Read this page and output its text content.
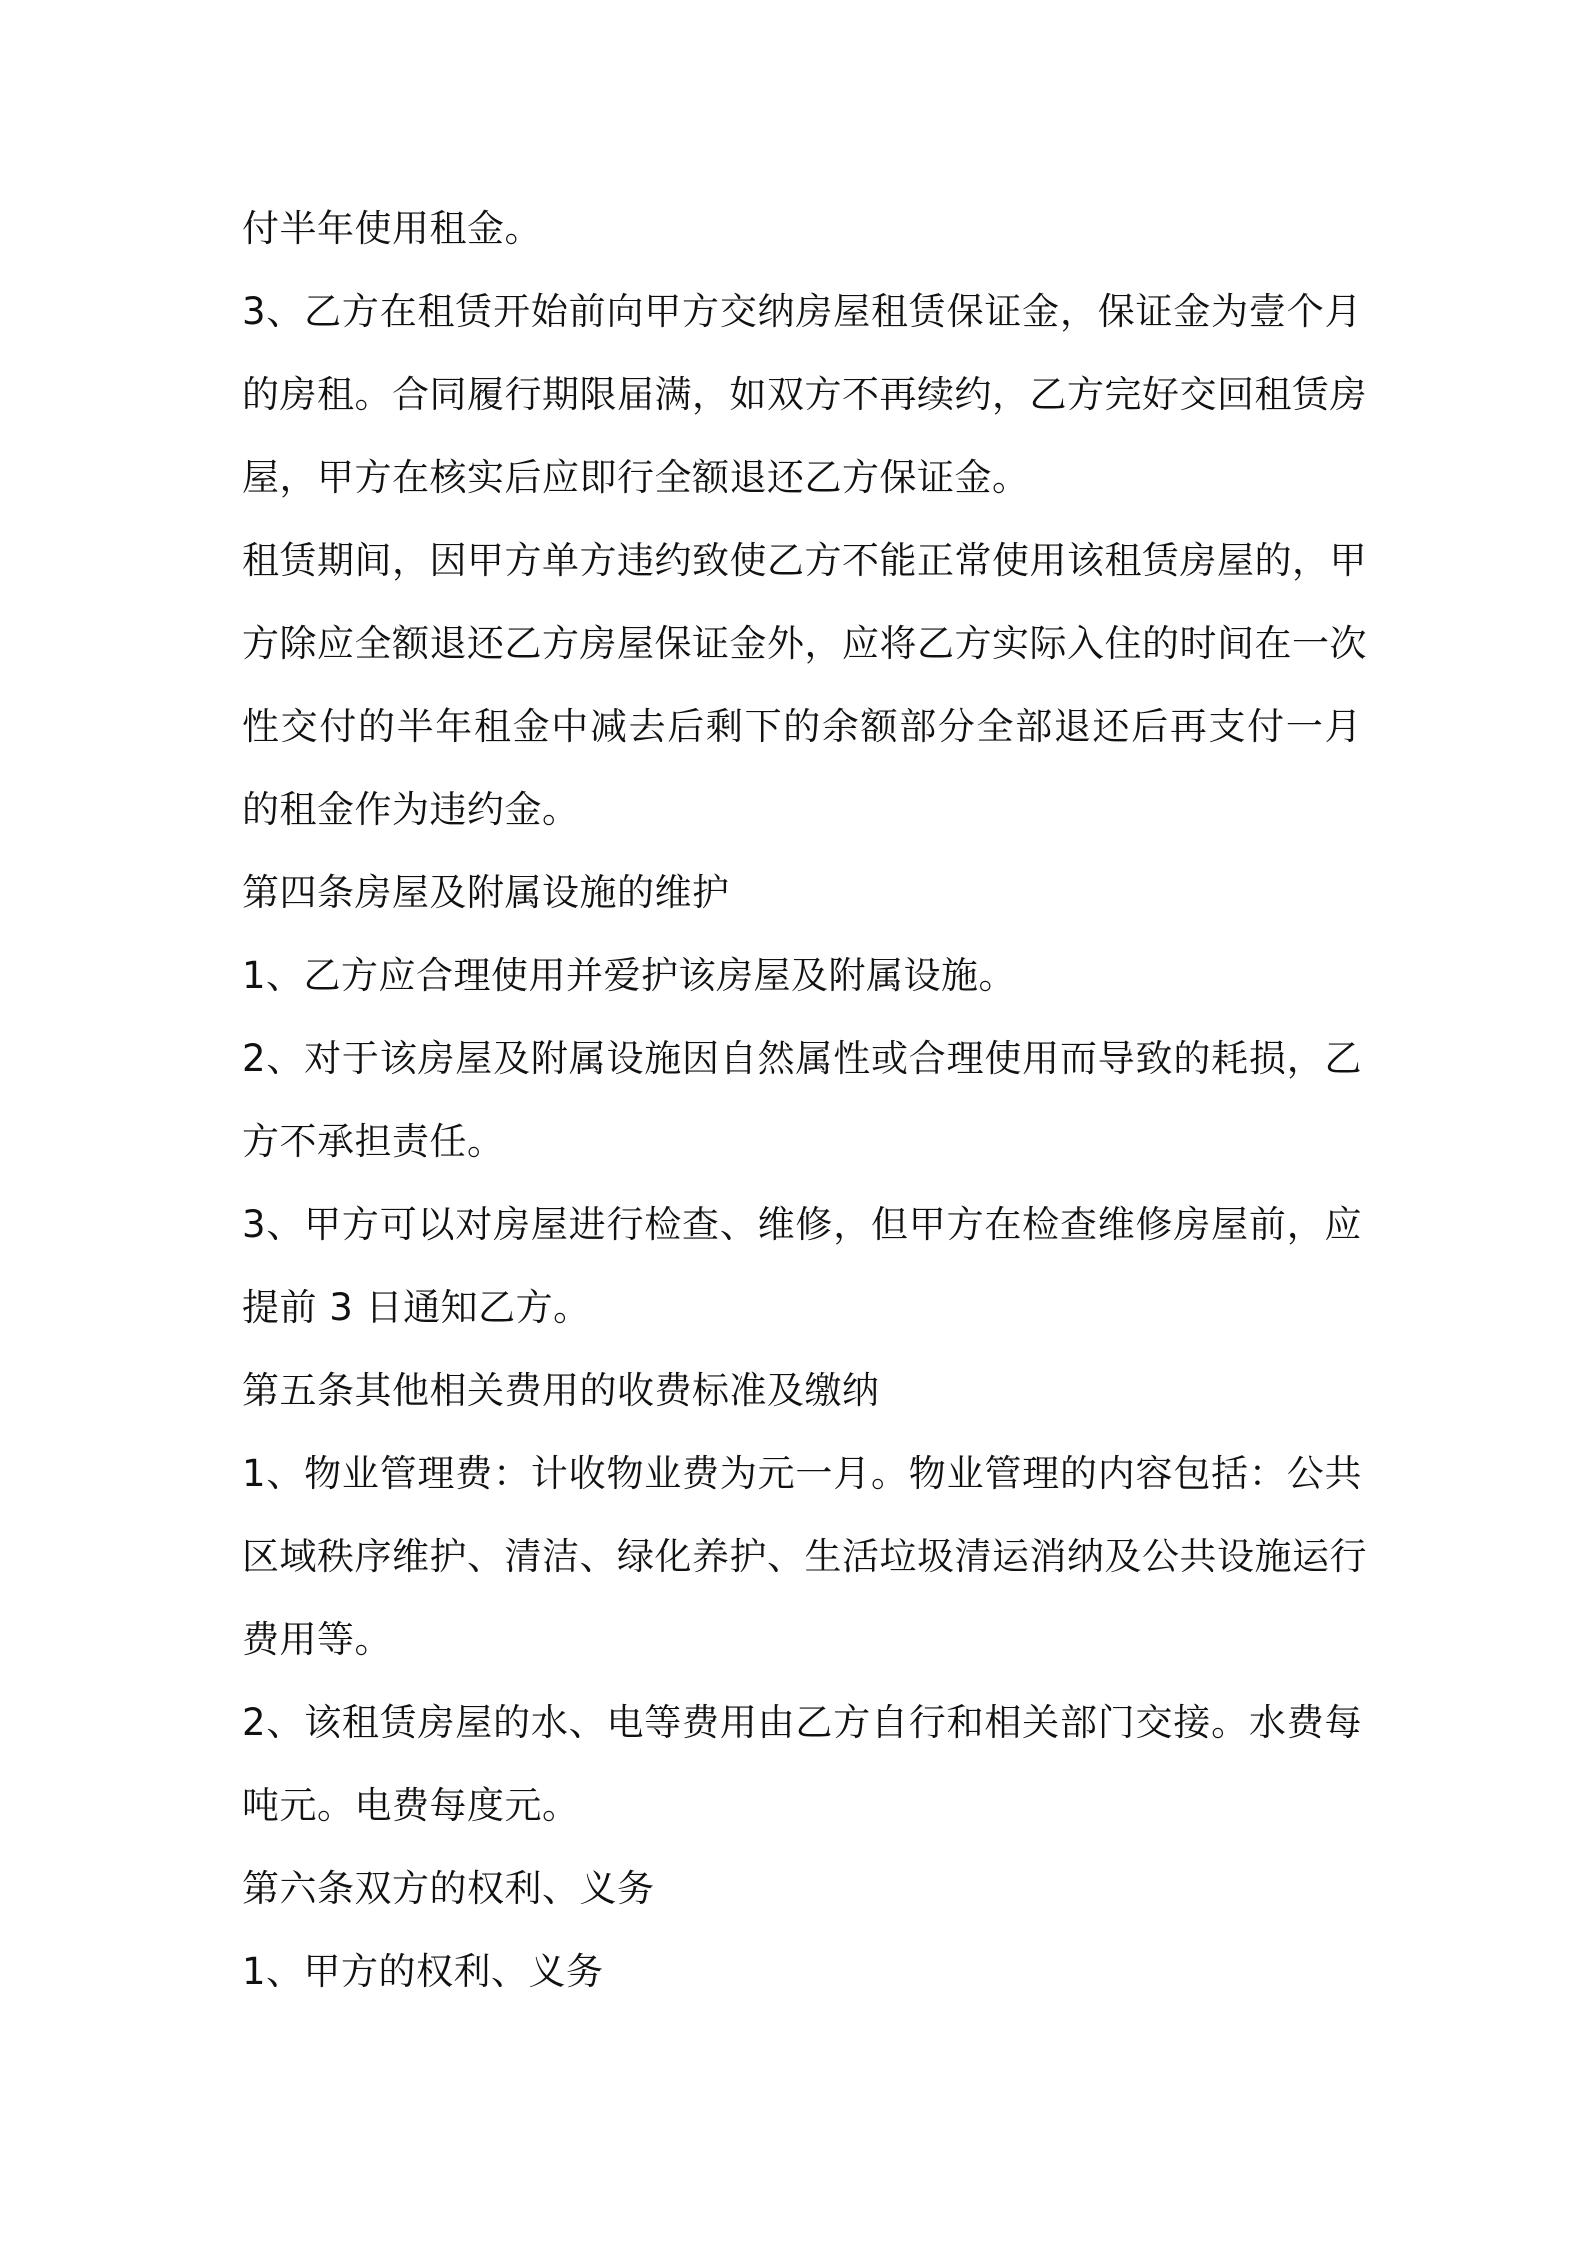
付半年使用租金。
3、乙方在租赁开始前向甲方交纳房屋租赁保证金，保证金为壹个月
的房租。合同履行期限届满，如双方不再续约，乙方完好交回租赁房
屋，甲方在核实后应即行全额退还乙方保证金。
租赁期间，因甲方单方违约致使乙方不能正常使用该租赁房屋的，甲
方除应全额退还乙方房屋保证金外，应将乙方实际入住的时间在一次
性交付的半年租金中减去后剩下的余额部分全部退还后再支付一月
的租金作为违约金。
第四条房屋及附属设施的维护
1、乙方应合理使用并爱护该房屋及附属设施。
2、对于该房屋及附属设施因自然属性或合理使用而导致的耗损，乙
方不承担责任。
3、甲方可以对房屋进行检查、维修，但甲方在检查维修房屋前，应
提前 3 日通知乙方。
第五条其他相关费用的收费标准及缴纳
1、物业管理费：计收物业费为元一月。物业管理的内容包括：公共
区域秩序维护、清洁、绿化养护、生活垃圾清运消纳及公共设施运行
费用等。
2、该租赁房屋的水、电等费用由乙方自行和相关部门交接。水费每
吨元。电费每度元。
第六条双方的权利、义务
1、甲方的权利、义务
